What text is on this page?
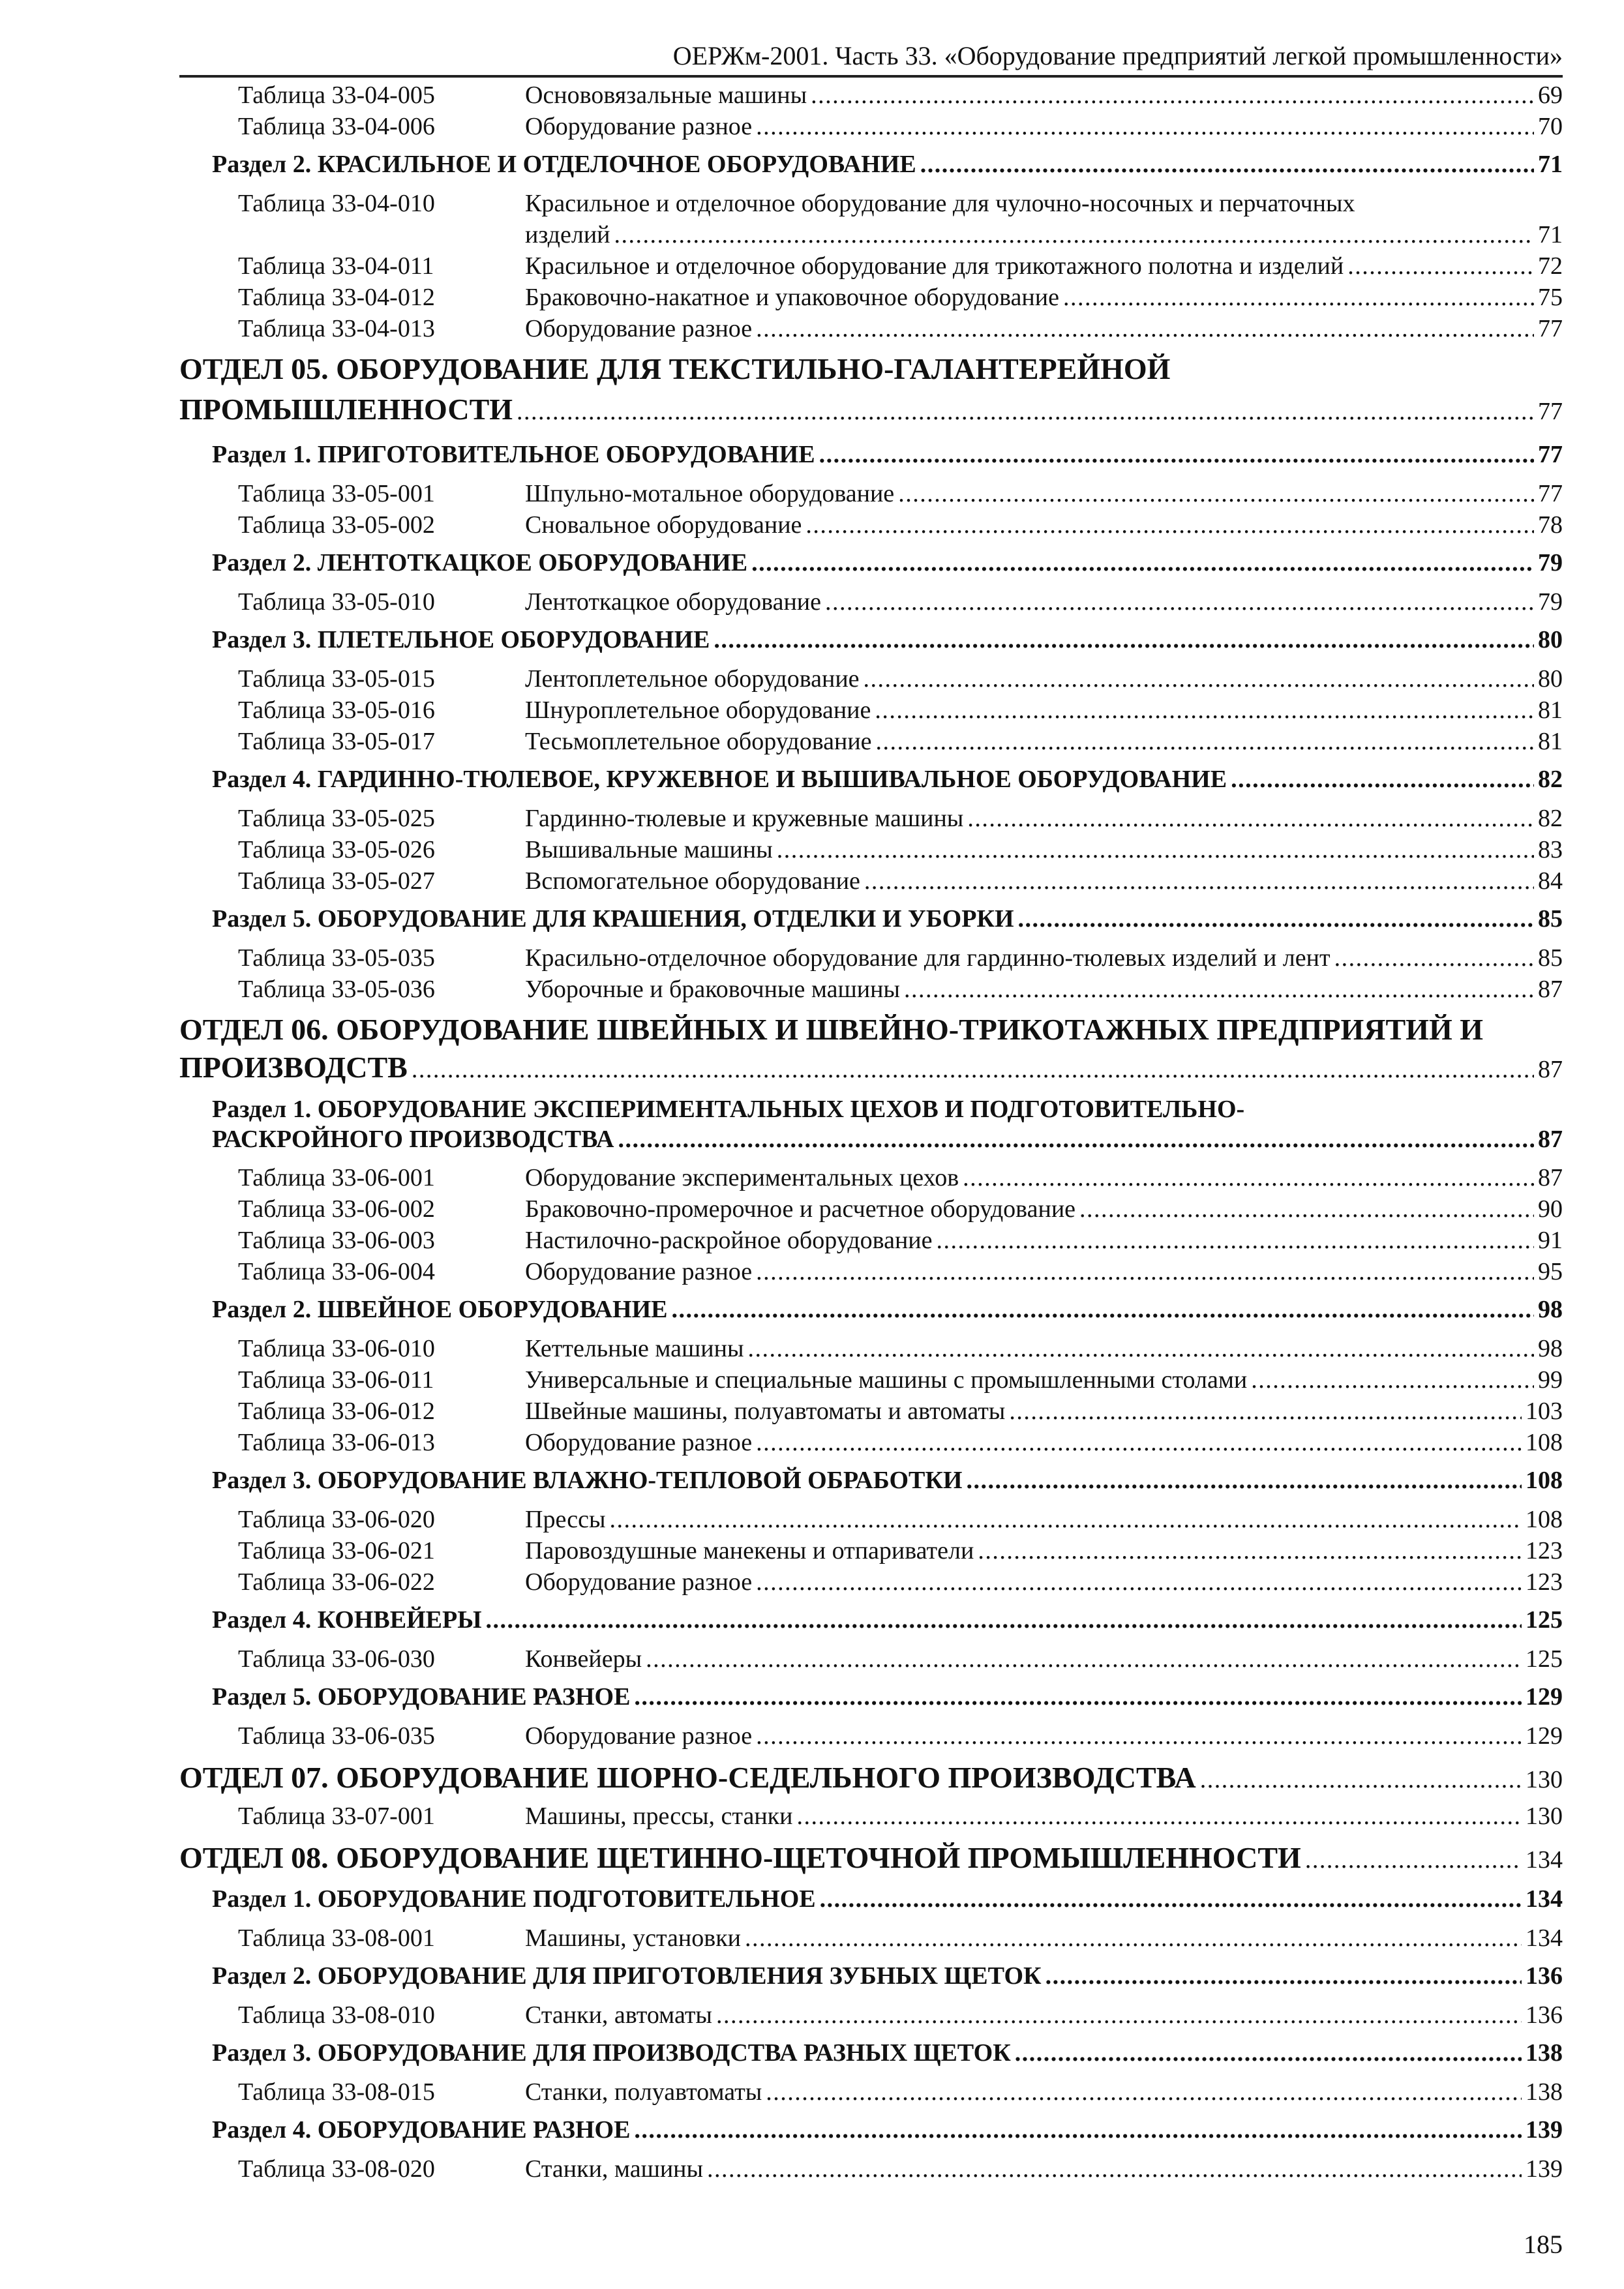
ОЕРЖм-2001. Часть 33. «Оборудование предприятий легкой промышленности»
Таблица 33-04-005	Основовязальные машины . . .	69
Таблица 33-04-006	Оборудование разное . . .	70
Раздел 2. КРАСИЛЬНОЕ И ОТДЕЛОЧНОЕ ОБОРУДОВАНИЕ . . .	71
Таблица 33-04-010	Красильное и отделочное оборудование для чулочно-носочных и перчаточных
изделий . . .	71
Таблица 33-04-011	Красильное и отделочное оборудование для трикотажного полотна и изделий . . .	72
Таблица 33-04-012	Браковочно-накатное и упаковочное оборудование . . .	75
Таблица 33-04-013	Оборудование разное . . .	77
ОТДЕЛ 05. ОБОРУДОВАНИЕ ДЛЯ ТЕКСТИЛЬНО-ГАЛАНТЕРЕЙНОЙ
ПРОМЫШЛЕННОСТИ . . .	77
Раздел 1. ПРИГОТОВИТЕЛЬНОЕ ОБОРУДОВАНИЕ . . .	77
Таблица 33-05-001	Шпульно-мотальное оборудование . . .	77
Таблица 33-05-002	Сновальное оборудование . . .	78
Раздел 2. ЛЕНТОТКАЦКОЕ ОБОРУДОВАНИЕ . . .	79
Таблица 33-05-010	Лентоткацкое оборудование . . .	79
Раздел 3. ПЛЕТЕЛЬНОЕ ОБОРУДОВАНИЕ . . .	80
Таблица 33-05-015	Лентоплетельное оборудование . . .	80
Таблица 33-05-016	Шнуроплетельное оборудование . . .	81
Таблица 33-05-017	Тесьмоплетельное оборудование . . .	81
Раздел 4. ГАРДИННО-ТЮЛЕВОЕ, КРУЖЕВНОЕ И ВЫШИВАЛЬНОЕ ОБОРУДОВАНИЕ . . .	82
Таблица 33-05-025	Гардинно-тюлевые и кружевные машины . . .	82
Таблица 33-05-026	Вышивальные машины . . .	83
Таблица 33-05-027	Вспомогательное оборудование . . .	84
Раздел 5. ОБОРУДОВАНИЕ ДЛЯ КРАШЕНИЯ, ОТДЕЛКИ И УБОРКИ . . .	85
Таблица 33-05-035	Красильно-отделочное оборудование для гардинно-тюлевых изделий и лент . . .	85
Таблица 33-05-036	Уборочные и браковочные машины . . .	87
ОТДЕЛ 06. ОБОРУДОВАНИЕ ШВЕЙНЫХ И ШВЕЙНО-ТРИКОТАЖНЫХ ПРЕДПРИЯТИЙ И
ПРОИЗВОДСТВ . . .	87
Раздел 1. ОБОРУДОВАНИЕ ЭКСПЕРИМЕНТАЛЬНЫХ ЦЕХОВ И ПОДГОТОВИТЕЛЬНО-
РАСКРОЙНОГО ПРОИЗВОДСТВА . . .	87
Таблица 33-06-001	Оборудование экспериментальных цехов . . .	87
Таблица 33-06-002	Браковочно-промерочное и расчетное оборудование . . .	90
Таблица 33-06-003	Настилочно-раскройное оборудование . . .	91
Таблица 33-06-004	Оборудование разное . . .	95
Раздел 2. ШВЕЙНОЕ ОБОРУДОВАНИЕ . . .	98
Таблица 33-06-010	Кеттельные машины . . .	98
Таблица 33-06-011	Универсальные и специальные машины с промышленными столами . . .	99
Таблица 33-06-012	Швейные машины, полуавтоматы и автоматы . . .	103
Таблица 33-06-013	Оборудование разное . . .	108
Раздел 3. ОБОРУДОВАНИЕ ВЛАЖНО-ТЕПЛОВОЙ ОБРАБОТКИ . . .	108
Таблица 33-06-020	Прессы . . .	108
Таблица 33-06-021	Паровоздушные манекены и отпариватели . . .	123
Таблица 33-06-022	Оборудование разное . . .	123
Раздел 4. КОНВЕЙЕРЫ . . .	125
Таблица 33-06-030	Конвейеры . . .	125
Раздел 5. ОБОРУДОВАНИЕ РАЗНОЕ . . .	129
Таблица 33-06-035	Оборудование разное . . .	129
ОТДЕЛ 07. ОБОРУДОВАНИЕ ШОРНО-СЕДЕЛЬНОГО ПРОИЗВОДСТВА . . .	130
Таблица 33-07-001	Машины, прессы, станки . . .	130
ОТДЕЛ 08. ОБОРУДОВАНИЕ ЩЕТИННО-ЩЕТОЧНОЙ ПРОМЫШЛЕННОСТИ . . .	134
Раздел 1. ОБОРУДОВАНИЕ ПОДГОТОВИТЕЛЬНОЕ . . .	134
Таблица 33-08-001	Машины, установки . . .	134
Раздел 2. ОБОРУДОВАНИЕ ДЛЯ ПРИГОТОВЛЕНИЯ ЗУБНЫХ ЩЕТОК . . .	136
Таблица 33-08-010	Станки, автоматы . . .	136
Раздел 3. ОБОРУДОВАНИЕ ДЛЯ ПРОИЗВОДСТВА РАЗНЫХ ЩЕТОК . . .	138
Таблица 33-08-015	Станки, полуавтоматы . . .	138
Раздел 4. ОБОРУДОВАНИЕ РАЗНОЕ . . .	139
Таблица 33-08-020	Станки, машины . . .	139
185
